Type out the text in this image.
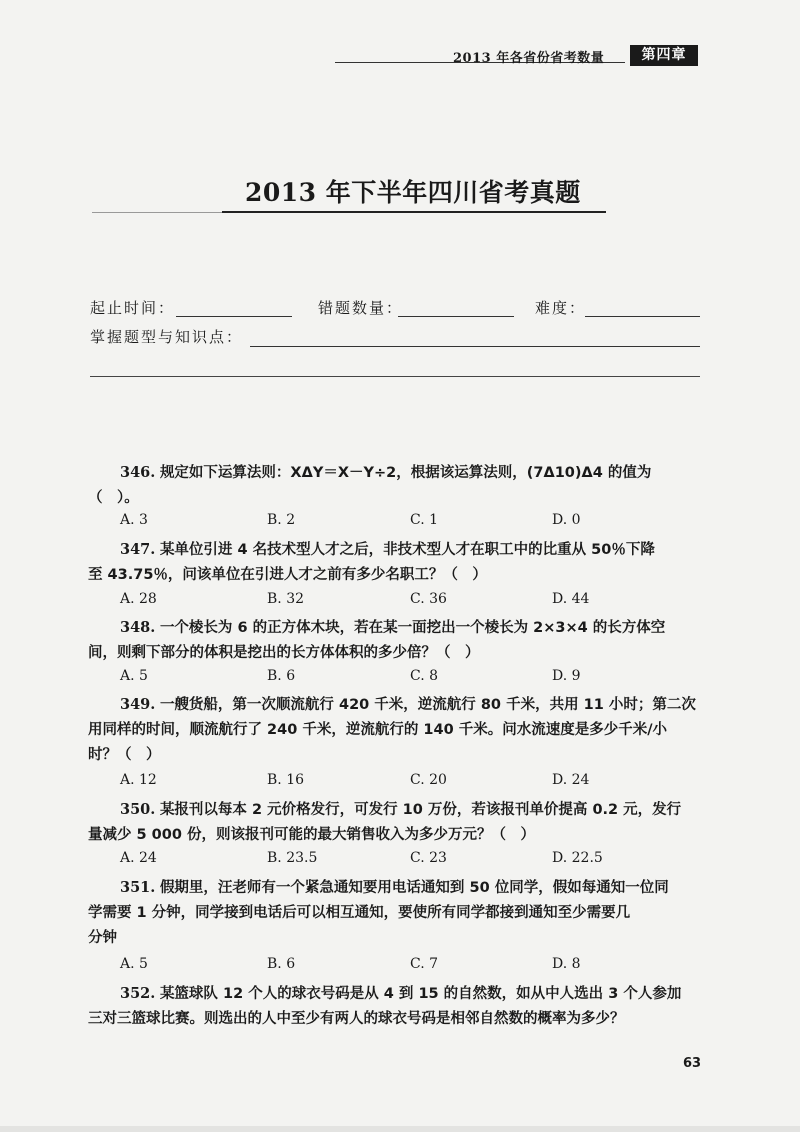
2013 年各省份省考数量	第四章
2013 年下半年四川省考真题
起止时间：	错题数量：	难度：
掌握题型与知识点：
346. 规定如下运算法则：XΔY＝X－Y÷2，根据该运算法则，(7Δ10)Δ4 的值为
（　）。
A. 3	B. 2	C. 1	D. 0
347. 某单位引进 4 名技术型人才之后，非技术型人才在职工中的比重从 50％下降
至 43.75％，问该单位在引进人才之前有多少名职工？（　）
A. 28	B. 32	C. 36	D. 44
348. 一个棱长为 6 的正方体木块，若在某一面挖出一个棱长为 2×3×4 的长方体空
间，则剩下部分的体积是挖出的长方体体积的多少倍？（　）
A. 5	B. 6	C. 8	D. 9
349. 一艘货船，第一次顺流航行 420 千米，逆流航行 80 千米，共用 11 小时；第二次
用同样的时间，顺流航行了 240 千米，逆流航行的 140 千米。问水流速度是多少千米/小
时？（　）
A. 12	B. 16	C. 20	D. 24
350. 某报刊以每本 2 元价格发行，可发行 10 万份，若该报刊单价提高 0.2 元，发行
量减少 5 000 份，则该报刊可能的最大销售收入为多少万元？（　）
A. 24	B. 23.5	C. 23	D. 22.5
351. 假期里，汪老师有一个紧急通知要用电话通知到 50 位同学，假如每通知一位同
学需要 1 分钟，同学接到电话后可以相互通知，要使所有同学都接到通知至少需要几
分钟
A. 5	B. 6	C. 7	D. 8
352. 某篮球队 12 个人的球衣号码是从 4 到 15 的自然数，如从中人选出 3 个人参加
三对三篮球比赛。则选出的人中至少有两人的球衣号码是相邻自然数的概率为多少？
63
